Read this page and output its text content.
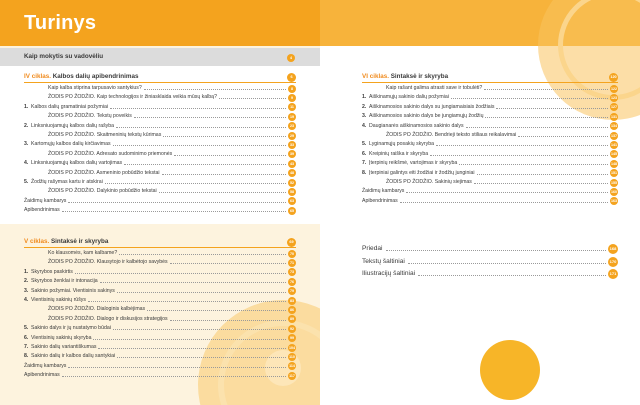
Turinys
Kaip mokytis su vadovėliu	4
IV ciklas. Kalbos dalių apibendrinimas	6
Kaip kalba stiprina tarpusavio santykius?	8
ŽODIS PO ŽODŽIO. Kaip technologijos ir žiniasklaida veikia mūsų kalbą?	9
1. Kalbos dalių gramatiniai požymiai	11
ŽODIS PO ŽODŽIO. Tekstų poveikis	19
2. Linksniuojamųjų kalbos dalių rašyba	23
ŽODIS PO ŽODŽIO. Skaitmeninių tekstų kūrimas	29
3. Kartomųjų kalbos dalių kirčiavimas	33
ŽODIS PO ŽODŽIO. Adresato sudominimo priemonės	39
4. Linksniuojamųjų kalbos dalių vartojimas	43
ŽODIS PO ŽODŽIO. Asmeninio pobūdžio tekstai	48
5. Žodžių rašymas kartu ir atskirai	52
ŽODIS PO ŽODŽIO. Dalykinio pobūdžio tekstai	58
Žaidimų kambarys	63
Apibendrinimas	65
V ciklas. Sintaksė ir skyryba	69
Ko klausomės, kam kalbame?	70
ŽODIS PO ŽODŽIO. Klausytojo ir kalbėtojo savybės	71
1. Skyrybos paskirtis	73
2. Skyrybos ženklai ir intonacija	76
3. Sakinio požymiai. Vientisinis sakinys	79
4. Vientisinių sakinių rūšys	83
ŽODIS PO ŽODŽIO. Dialoginis kalbėjimas	86
ŽODIS PO ŽODŽIO. Dialogo ir diskusijos strategijos	89
5. Sakinio dalys ir jų nustatymo būdai	92
6. Vientisinių sakinių skyryba	99
7. Sakinio dalių variantiškumas	104
8. Sakinio dalių ir kalbos dalių santykiai	110
Žaidimų kambarys	114
Apibendrinimas	117
VI ciklas. Sintaksė ir skyryba	120
Kaip rašant galima atrasti save ir tobulėti?	122
1. Aiškinamųjų sakinio dalių požymiai	123
2. Aiškinamosios sakinio dalys su jungiamaisiais žodžiais	127
3. Aiškinamosios sakinio dalys be jungiamųjų žodžių	131
4. Daugianarės aiškinamosios sakinio dalys	134
ŽODIS PO ŽODŽIO. Bendrieji teksto stiliaus reikalavimai	137
5. Lyginamųjų posakių skyryba	141
6. Kreipinių raiška ir skyryba	145
7. Įterpinių reikšmė, vartojimas ir skyryba	148
8. Įterpiniai galintys eiti žodžiai ir žodžių junginiai	151
ŽODIS PO ŽODŽIO. Sakinių siejimas	155
Žaidimų kambarys	160
Apibendrinimas	163
Priedai	168
Tekstų šaltiniai	170
Iliustracijų šaltiniai	171
